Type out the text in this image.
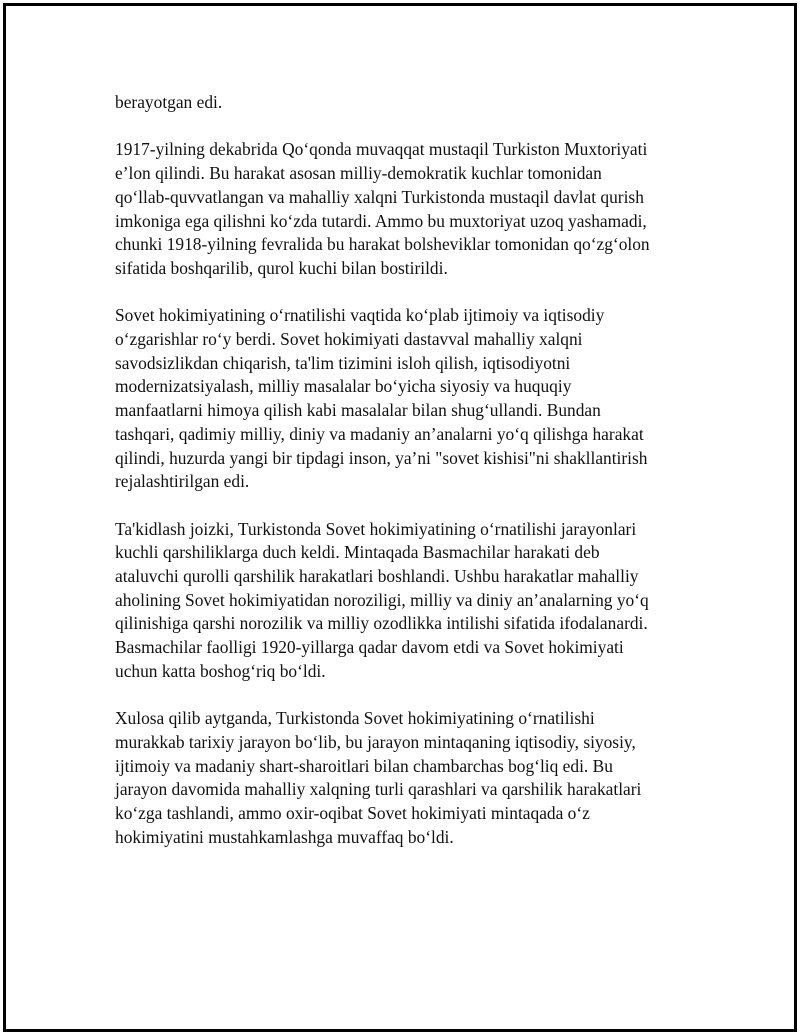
berayotgan edi.

1917-yilning dekabrida Qo‘qonda muvaqqat mustaqil Turkiston Muxtoriyati
e’lon qilindi. Bu harakat asosan milliy-demokratik kuchlar tomonidan
qo‘llab-quvvatlangan va mahalliy xalqni Turkistonda mustaqil davlat qurish
imkoniga ega qilishni ko‘zda tutardi. Ammo bu muxtoriyat uzoq yashamadi,
chunki 1918-yilning fevralida bu harakat bolsheviklar tomonidan qo‘zg‘olon
sifatida boshqarilib, qurol kuchi bilan bostirildi.

Sovet hokimiyatining o‘rnatilishi vaqtida ko‘plab ijtimoiy va iqtisodiy
o‘zgarishlar ro‘y berdi. Sovet hokimiyati dastavval mahalliy xalqni
savodsizlikdan chiqarish, ta'lim tizimini isloh qilish, iqtisodiyotni
modernizatsiyalash, milliy masalalar bo‘yicha siyosiy va huquqiy
manfaatlarni himoya qilish kabi masalalar bilan shug‘ullandi. Bundan
tashqari, qadimiy milliy, diniy va madaniy an’analarni yo‘q qilishga harakat
qilindi, huzurda yangi bir tipdagi inson, ya’ni "sovet kishisi"ni shakllantirish
rejalashtirilgan edi.

Ta'kidlash joizki, Turkistonda Sovet hokimiyatining o‘rnatilishi jarayonlari
kuchli qarshiliklarga duch keldi. Mintaqada Basmachilar harakati deb
ataluvchi qurolli qarshilik harakatlari boshlandi. Ushbu harakatlar mahalliy
aholining Sovet hokimiyatidan noroziligi, milliy va diniy an’analarning yo‘q
qilinishiga qarshi norozilik va milliy ozodlikka intilishi sifatida ifodalanardi.
Basmachilar faolligi 1920-yillarga qadar davom etdi va Sovet hokimiyati
uchun katta boshog‘riq bo‘ldi.

Xulosa qilib aytganda, Turkistonda Sovet hokimiyatining o‘rnatilishi
murakkab tarixiy jarayon bo‘lib, bu jarayon mintaqaning iqtisodiy, siyosiy,
ijtimoiy va madaniy shart-sharoitlari bilan chambarchas bog‘liq edi. Bu
jarayon davomida mahalliy xalqning turli qarashlari va qarshilik harakatlari
ko‘zga tashlandi, ammo oxir-oqibat Sovet hokimiyati mintaqada o‘z
hokimiyatini mustahkamlashga muvaffaq bo‘ldi.
